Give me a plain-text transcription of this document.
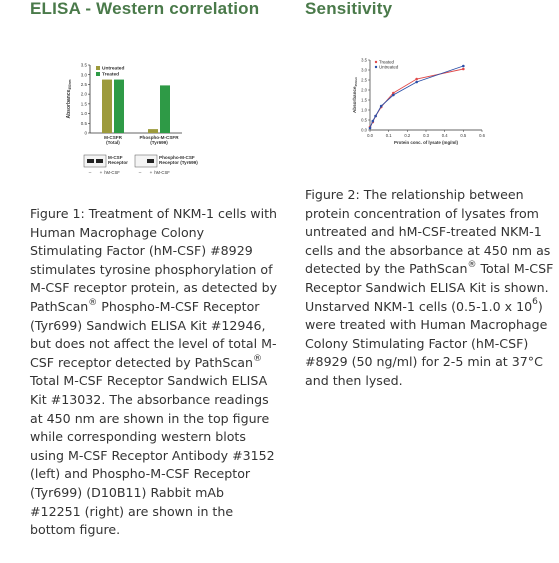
ELISA - Western correlation	Sensitivity
0
0.5
1.0
1.5
2.0
2.5
3.0
3.5
Absorbance$_{450nm}$
Untreated
Treated
M-CSFR
(Total)
Phospho-M-CSFR
(Tyr699)
M-CSF
Receptor
Phospho-M-CSF
Receptor (Tyr699)
– + hM-CSF	– + hM-CSF
0.0
0.5
1.0
1.5
2.0
2.5
3.0
3.5
0.0	0.1	0.2	0.3	0.4	0.5	0.6
Protein conc. of lysate (mg/ml)
Absorbance$_{450nm}$
Treated
Untreated
Figure 1: Treatment of NKM-1 cells with Human Macrophage Colony Stimulating Factor (hM-CSF) #8929 stimulates tyrosine phosphorylation of M-CSF receptor protein, as detected by PathScan® Phospho-M-CSF Receptor (Tyr699) Sandwich ELISA Kit #12946, but does not affect the level of total M-CSF receptor detected by PathScan® Total M-CSF Receptor Sandwich ELISA Kit #13032. The absorbance readings at 450 nm are shown in the top figure while corresponding western blots using M-CSF Receptor Antibody #3152 (left) and Phospho-M-CSF Receptor (Tyr699) (D10B11) Rabbit mAb #12251 (right) are shown in the bottom figure.
Figure 2: The relationship between protein concentration of lysates from untreated and hM-CSF-treated NKM-1 cells and the absorbance at 450 nm as detected by the PathScan® Total M-CSF Receptor Sandwich ELISA Kit is shown. Unstarved NKM-1 cells (0.5-1.0 x $10^6$) were treated with Human Macrophage Colony Stimulating Factor (hM-CSF) #8929 (50 ng/ml) for 2-5 min at 37°C and then lysed.
